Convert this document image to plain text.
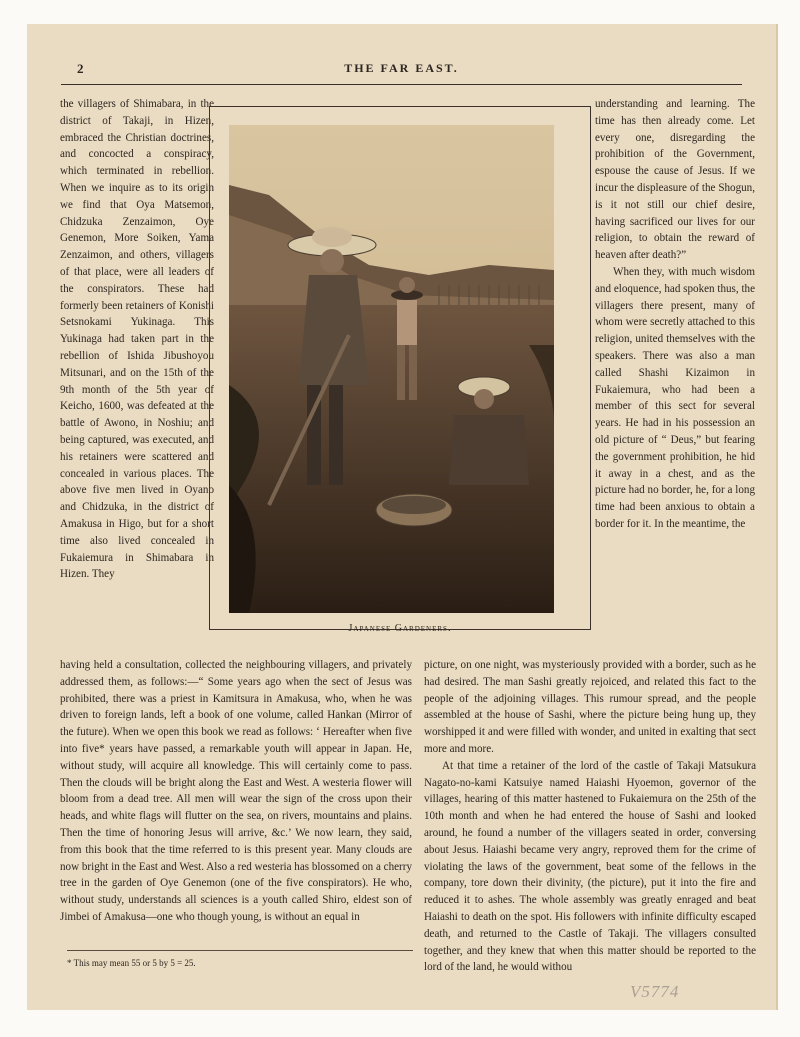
2	THE FAR EAST.

the villagers of Shimabara, in the district of Takaji, in Hizen, embraced the Christian doctrines, and concocted a conspiracy, which terminated in rebellion. When we inquire as to its origin we find that Oya Matsemon, Chidzuka Zenzaimon, Oye Genemon, More Soiken, Yama Zenzaimon, and others, villagers of that place, were all leaders of the conspirators. These had formerly been retainers of Konishi Setsnokami Yukinaga. This Yukinaga had taken part in the rebellion of Ishida Jibushoyou Mitsunari, and on the 15th of the 9th month of the 5th year of Keicho, 1600, was defeated at the battle of Awono, in Noshiu; and being captured, was executed, and his retainers were scattered and concealed in various places. The above five men lived in Oyano and Chidzuka, in the district of Amakusa in Higo, but for a short time also lived concealed in Fukaiemura in Shimabara in Hizen. They

understanding and learning. The time has then already come. Let every one, disregarding the prohibition of the Government, espouse the cause of Jesus. If we incur the displeasure of the Shogun, is it not still our chief desire, having sacrificed our lives for our religion, to obtain the reward of heaven after death?”

When they, with much wisdom and eloquence, had spoken thus, the villagers there present, many of whom were secretly attached to this religion, united themselves with the speakers. There was also a man called Shashi Kizaimon in Fukaiemura, who had been a member of this sect for several years. He had in his possession an old picture of “ Deus,” but fearing the government prohibition, he hid it away in a chest, and as the picture had no border, he, for a long time had been anxious to obtain a border for it. In the meantime, the

Japanese Gardeners.

having held a consultation, collected the neighbouring villagers, and privately addressed them, as follows:—“ Some years ago when the sect of Jesus was prohibited, there was a priest in Kamitsura in Amakusa, who, when he was driven to foreign lands, left a book of one volume, called Hankan (Mirror of the future). When we open this book we read as follows: ‘ Hereafter when five into five* years have passed, a remarkable youth will appear in Japan. He, without study, will acquire all knowledge. This will certainly come to pass. Then the clouds will be bright along the East and West. A westeria flower will bloom from a dead tree. All men will wear the sign of the cross upon their heads, and white flags will flutter on the sea, on rivers, mountains and plains. Then the time of honoring Jesus will arrive, &c.’ We now learn, they said, from this book that the time referred to is this present year. Many clouds are now bright in the East and West. Also a red westeria has blossomed on a cherry tree in the garden of Oye Genemon (one of the five conspirators). He who, without study, understands all sciences is a youth called Shiro, eldest son of Jimbei of Amakusa—one who though young, is without an equal in

picture, on one night, was mysteriously provided with a border, such as he had desired. The man Sashi greatly rejoiced, and related this fact to the people of the adjoining villages. This rumour spread, and the people assembled at the house of Sashi, where the picture being hung up, they worshipped it and were filled with wonder, and united in exalting that sect more and more.

At that time a retainer of the lord of the castle of Takaji Matsukura Nagato-no-kami Katsuiye named Haiashi Hyoemon, governor of the villages, hearing of this matter hastened to Fukaiemura on the 25th of the 10th month and when he had entered the house of Sashi and looked around, he found a number of the villagers seated in order, conversing about Jesus. Haiashi became very angry, reproved them for the crime of violating the laws of the government, beat some of the fellows in the company, tore down their divinity, (the picture), put it into the fire and reduced it to ashes. The whole assembly was greatly enraged and beat Haiashi to death on the spot. His followers with infinite difficulty escaped death, and returned to the Castle of Takaji. The villagers consulted together, and they knew that when this matter should be reported to the lord of the land, he would withou

* This may mean 55 or 5 by 5 = 25.
V5774
